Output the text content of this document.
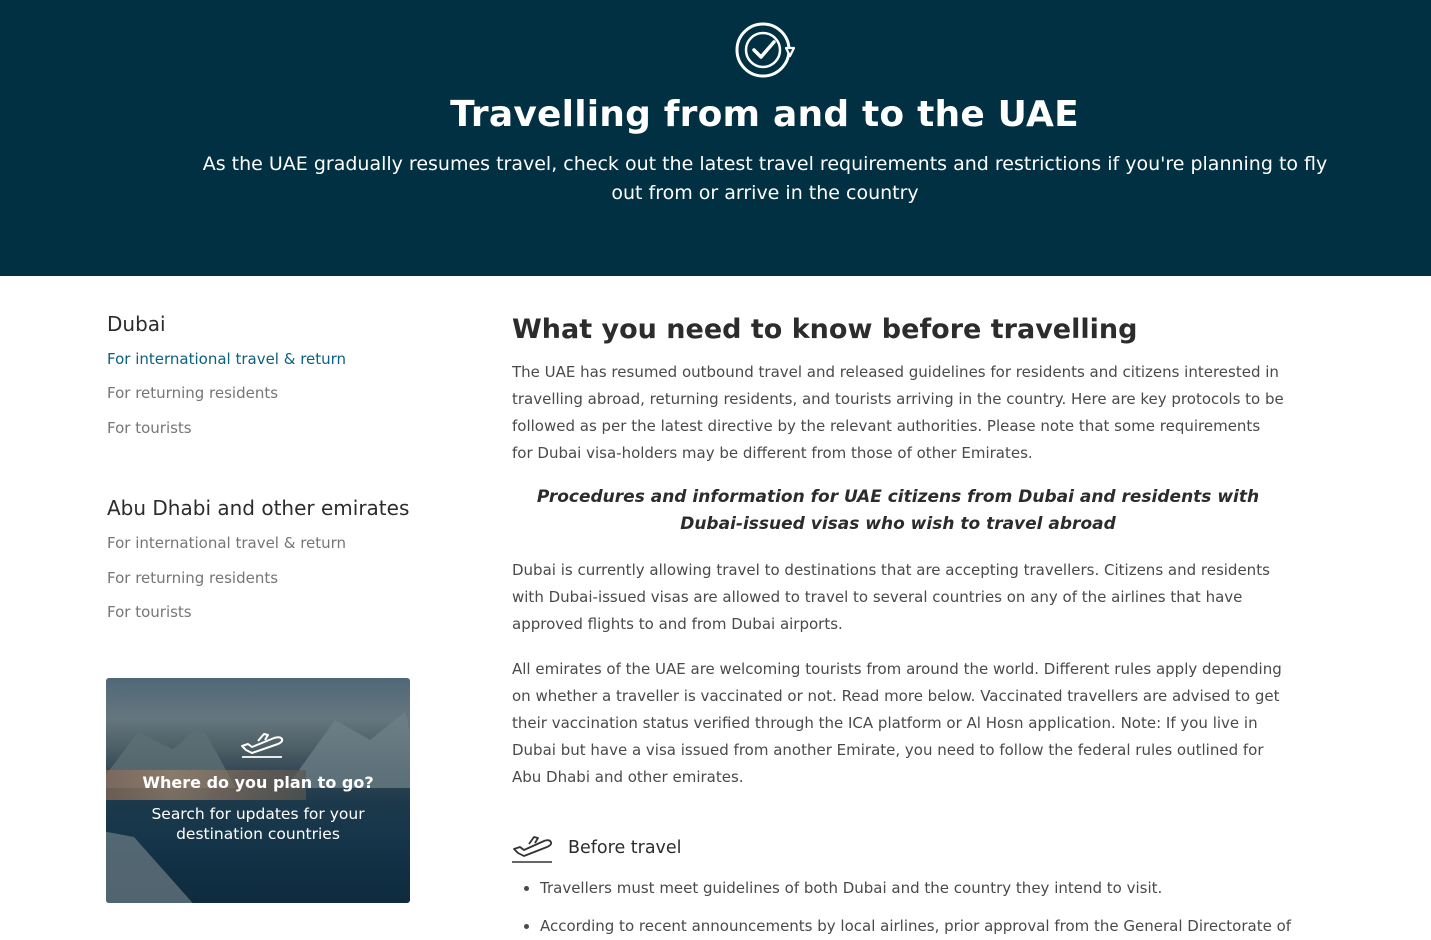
Travelling from and to the UAE

As the UAE gradually resumes travel, check out the latest travel requirements and restrictions if you're planning to fly out from or arrive in the country

Dubai
For international travel & return
For returning residents
For tourists
Abu Dhabi and other emirates
For international travel & return
For returning residents
For tourists
Where do you plan to go?
Search for updates for your destination countries
What you need to know before travelling

The UAE has resumed outbound travel and released guidelines for residents and citizens interested in travelling abroad, returning residents, and tourists arriving in the country. Here are key protocols to be followed as per the latest directive by the relevant authorities. Please note that some requirements for Dubai visa-holders may be different from those of other Emirates.

Procedures and information for UAE citizens from Dubai and residents with Dubai-issued visas who wish to travel abroad

Dubai is currently allowing travel to destinations that are accepting travellers. Citizens and residents with Dubai-issued visas are allowed to travel to several countries on any of the airlines that have approved flights to and from Dubai airports.

All emirates of the UAE are welcoming tourists from around the world. Different rules apply depending on whether a traveller is vaccinated or not. Read more below. Vaccinated travellers are advised to get their vaccination status verified through the ICA platform or Al Hosn application. Note: If you live in Dubai but have a visa issued from another Emirate, you need to follow the federal rules outlined for Abu Dhabi and other emirates.

Before travel
Travellers must meet guidelines of both Dubai and the country they intend to visit.
According to recent announcements by local airlines, prior approval from the General Directorate of
